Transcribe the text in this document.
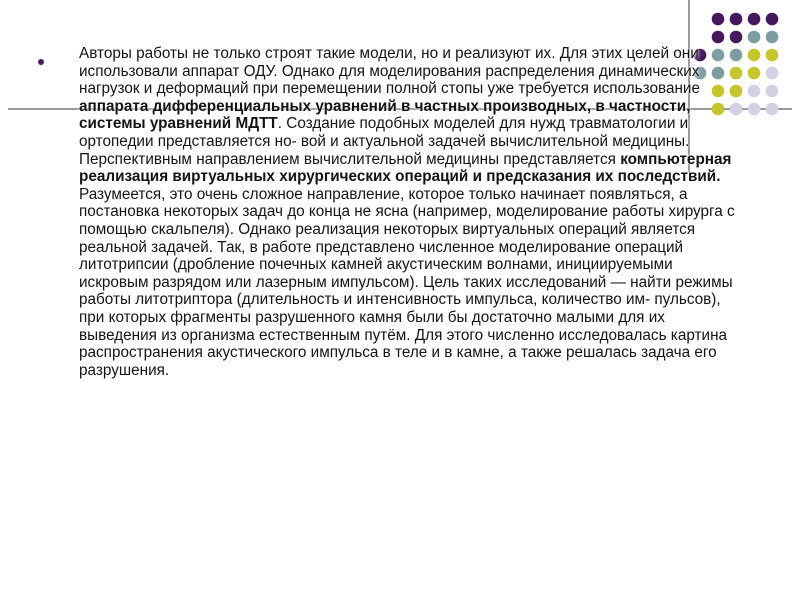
Авторы работы не только строят такие модели, но и реализуют их. Для этих целей они использовали аппарат ОДУ. Однако для моделирования распределения динамических нагрузок и деформаций при перемещении полной стопы уже требуется использование аппарата дифференциальных уравнений в частных производных, в частности, системы уравнений МДТТ. Создание подобных моделей для нужд травматологии и ортопедии представляется но- вой и актуальной задачей вычислительной медицины. Перспективным направлением вычислительной медицины представляется компьютерная реализация виртуальных хирургических операций и предсказания их последствий. Разумеется, это очень сложное направление, которое только начинает появляться, а постановка некоторых задач до конца не ясна (например, моделирование работы хирурга с помощью скальпеля). Однако реализация некоторых виртуальных операций является реальной задачей. Так, в работе представлено численное моделирование операций литотрипсии (дробление почечных камней акустическим волнами, инициируемыми искровым разрядом или лазерным импульсом). Цель таких исследований — найти режимы работы литотриптора (длительность и интенсивность импульса, количество им- пульсов), при которых фрагменты разрушенного камня были бы достаточно малыми для их выведения из организма естественным путём. Для этого численно исследовалась картина распространения акустического импульса в теле и в камне, а также решалась задача его разрушения.
